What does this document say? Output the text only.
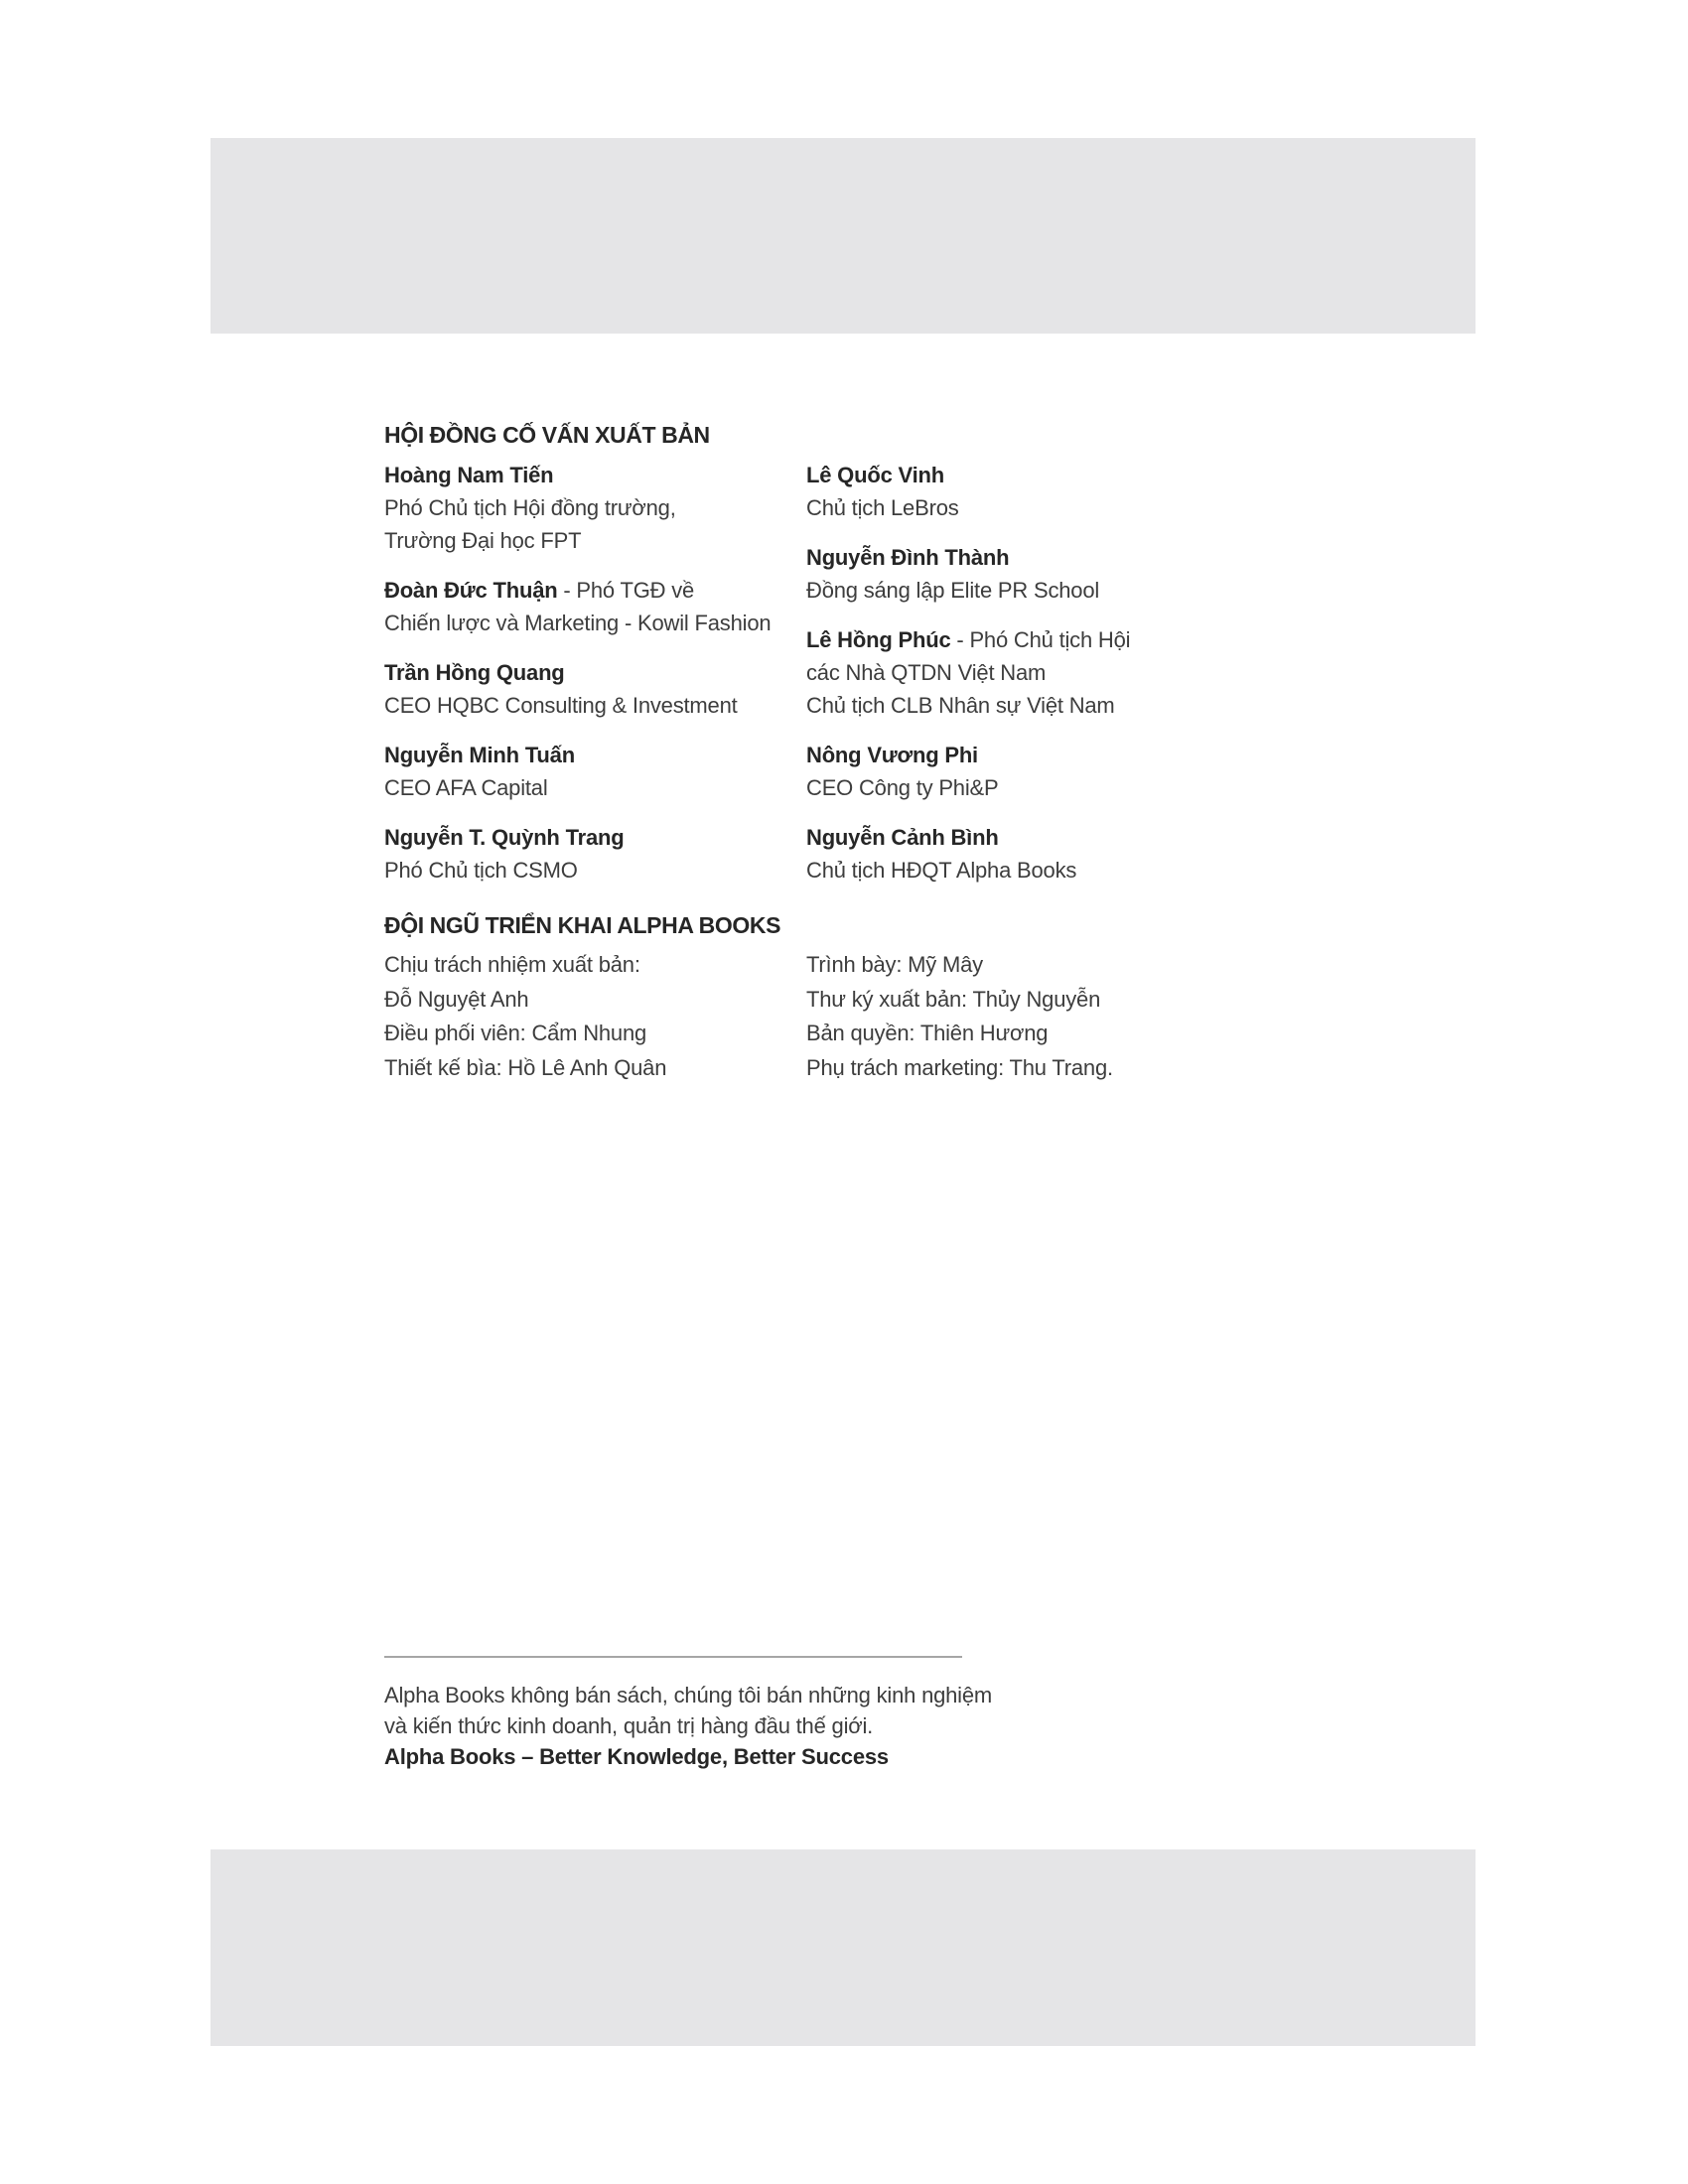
HỘI ĐỒNG CỐ VẤN XUẤT BẢN
Hoàng Nam Tiến
Phó Chủ tịch Hội đồng trường,
Trường Đại học FPT
Đoàn Đức Thuận - Phó TGĐ về
Chiến lược và Marketing - Kowil Fashion
Trần Hồng Quang
CEO HQBC Consulting & Investment
Nguyễn Minh Tuấn
CEO AFA Capital
Nguyễn T. Quỳnh Trang
Phó Chủ tịch CSMO
Lê Quốc Vinh
Chủ tịch LeBros
Nguyễn Đình Thành
Đồng sáng lập Elite PR School
Lê Hồng Phúc - Phó Chủ tịch Hội
các Nhà QTDN Việt Nam
Chủ tịch CLB Nhân sự Việt Nam
Nông Vương Phi
CEO Công ty Phi&P
Nguyễn Cảnh Bình
Chủ tịch HĐQT Alpha Books
ĐỘI NGŨ TRIỂN KHAI ALPHA BOOKS
Chịu trách nhiệm xuất bản:
Đỗ Nguyệt Anh
Điều phối viên: Cẩm Nhung
Thiết kế bìa: Hồ Lê Anh Quân
Trình bày: Mỹ Mây
Thư ký xuất bản: Thủy Nguyễn
Bản quyền: Thiên Hương
Phụ trách marketing: Thu Trang.
Alpha Books không bán sách, chúng tôi bán những kinh nghiệm
và kiến thức kinh doanh, quản trị hàng đầu thế giới.
Alpha Books – Better Knowledge, Better Success
